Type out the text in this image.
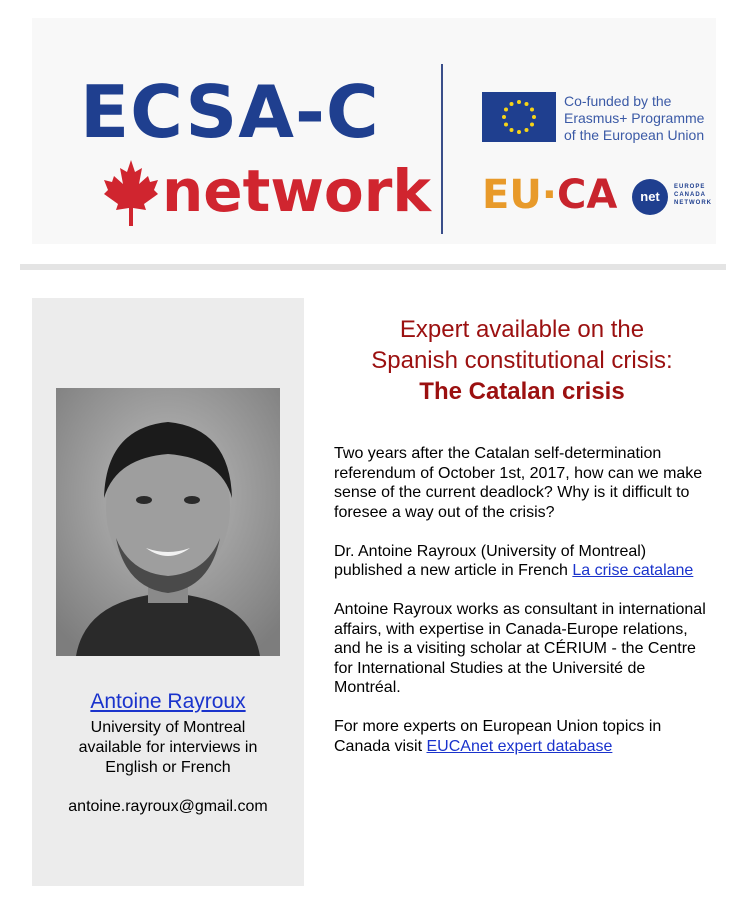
ECSA-C
network
Co-funded by the
Erasmus+ Programme
of the European Union
EU·CA	net
EUROPE
CANADA
NETWORK
Antoine Rayroux
University of Montreal
available for interviews in
English or French
antoine.rayroux@gmail.com
Expert available on the
Spanish constitutional crisis:
The Catalan crisis

Two years after the Catalan self-determination referendum of October 1st, 2017, how can we make sense of the current deadlock? Why is it difficult to foresee a way out of the crisis?

Dr. Antoine Rayroux (University of Montreal) published a new article in French La crise catalane

Antoine Rayroux works as consultant in international affairs, with expertise in Canada-Europe relations, and he is a visiting scholar at CÉRIUM - the Centre for International Studies at the Université de Montréal.

For more experts on European Union topics in Canada visit EUCAnet expert database
